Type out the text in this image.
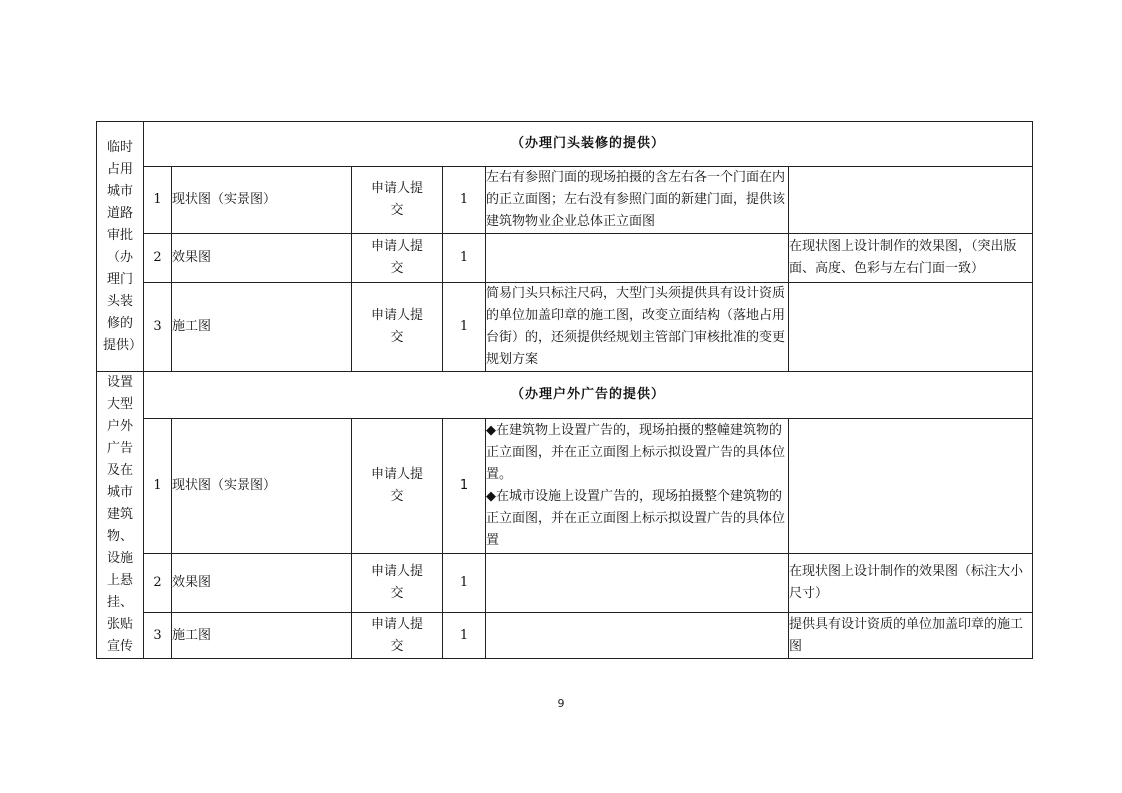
临时占用城市道路审批（办理门头装修的提供）	（办理门头装修的提供）					
	1	现状图（实景图）	申请人提交	1	左右有参照门面的现场拍摄的含左右各一个门面在内的正立面图；左右没有参照门面的新建门面，提供该建筑物物业企业总体正立面图	
	2	效果图	申请人提交	1		在现状图上设计制作的效果图，（突出版面、高度、色彩与左右门面一致）
	3	施工图	申请人提交	1	简易门头只标注尺码，大型门头须提供具有设计资质的单位加盖印章的施工图，改变立面结构（落地占用台街）的，还须提供经规划主管部门审核批准的变更规划方案	
设置大型户外广告及在城市建筑物、设施上悬挂、张贴宣传	（办理户外广告的提供）					
	1	现状图（实景图）	申请人提交	1	◆在建筑物上设置广告的，现场拍摄的整幢建筑物的正立面图，并在正立面图上标示拟设置广告的具体位置。
◆在城市设施上设置广告的，现场拍摄整个建筑物的正立面图，并在正立面图上标示拟设置广告的具体位置	

	2	效果图	申请人提交	1		在现状图上设计制作的效果图（标注大小尺寸）
	3	施工图	申请人提交	1		提供具有设计资质的单位加盖印章的施工图
9
